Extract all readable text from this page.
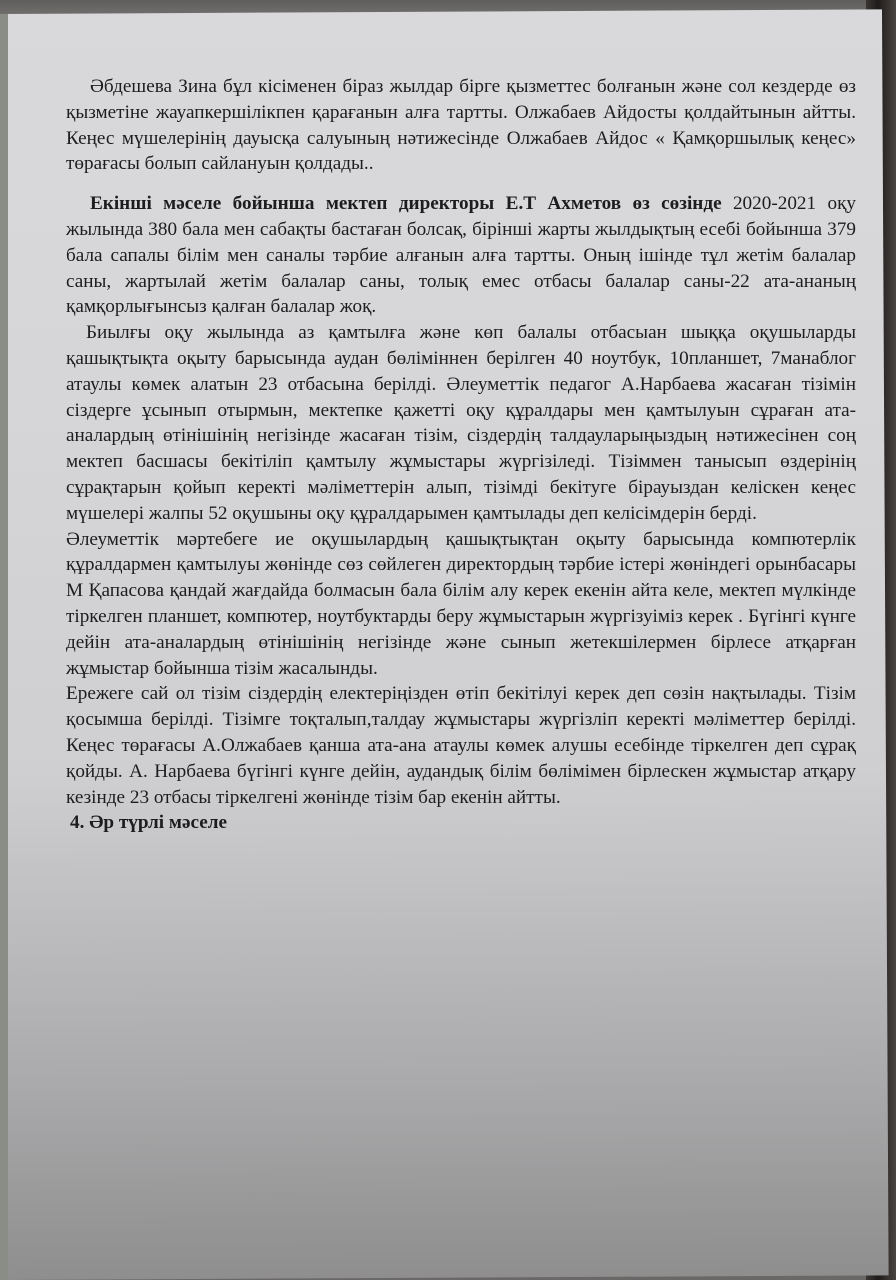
Әбдешева Зина бұл кісіменен біраз жылдар бірге қызметтес болғанын және сол кездерде өз қызметіне жауапкершілікпен қарағанын алға тартты. Олжабаев Айдосты қолдайтынын айтты. Кеңес мүшелерінің дауысқа салуының нәтижесінде Олжабаев Айдос « Қамқоршылық кеңес» төрағасы болып сайлануын қолдады..

Екінші мәселе бойынша мектеп директоры Е.Т Ахметов өз сөзінде 2020-2021 оқу жылында 380 бала мен сабақты бастаған болсақ, бірінші жарты жылдықтың есебі бойынша 379 бала сапалы білім мен саналы тәрбие алғанын алға тартты. Оның ішінде тұл жетім балалар саны, жартылай жетім балалар саны, толық емес отбасы балалар саны-22 ата-ананың қамқорлығынсыз қалған балалар жоқ.

Биылғы оқу жылында аз қамтылға және көп балалы отбасыан шыққа оқушыларды қашықтықта оқыту барысында аудан бөліміннен берілген 40 ноутбук, 10планшет, 7манаблог атаулы көмек алатын 23 отбасына берілді. Әлеуметтік педагог А.Нарбаева жасаған тізімін сіздерге ұсынып отырмын, мектепке қажетті оқу құралдары мен қамтылуын сұраған ата-аналардың өтінішінің негізінде жасаған тізім, сіздердің талдауларыңыздың нәтижесінен соң мектеп басшасы бекітіліп қамтылу жұмыстары жүргізіледі. Тізіммен танысып өздерінің сұрақтарын қойып керекті мәліметтерін алып, тізімді бекітуге бірауыздан келіскен кеңес мүшелері жалпы 52 оқушыны оқу құралдарымен қамтылады деп келісімдерін берді.

Әлеуметтік мәртебеге ие оқушылардың қашықтықтан оқыту барысында компютерлік құралдармен қамтылуы жөнінде сөз сөйлеген директордың тәрбие істері жөніндегі орынбасары М Қапасова қандай жағдайда болмасын бала білім алу керек екенін айта келе, мектеп мүлкінде тіркелген планшет, компютер, ноутбуктарды беру жұмыстарын жүргізуіміз керек . Бүгінгі күнге дейін ата-аналардың өтінішінің негізінде және сынып жетекшілермен бірлесе атқарған жұмыстар бойынша тізім жасалынды.

Ережеге сай ол тізім сіздердің електеріңізден өтіп бекітілуі керек деп сөзін нақтылады. Тізім қосымша берілді. Тізімге тоқталып,талдау жұмыстары жүргізліп керекті мәліметтер берілді. Кеңес төрағасы А.Олжабаев қанша ата-ана атаулы көмек алушы есебінде тіркелген деп сұрақ қойды. А. Нарбаева бүгінгі күнге дейін, аудандық білім бөлімімен бірлескен жұмыстар атқару кезінде 23 отбасы тіркелгені жөнінде тізім бар екенін айтты.

4. Әр түрлі мәселе
